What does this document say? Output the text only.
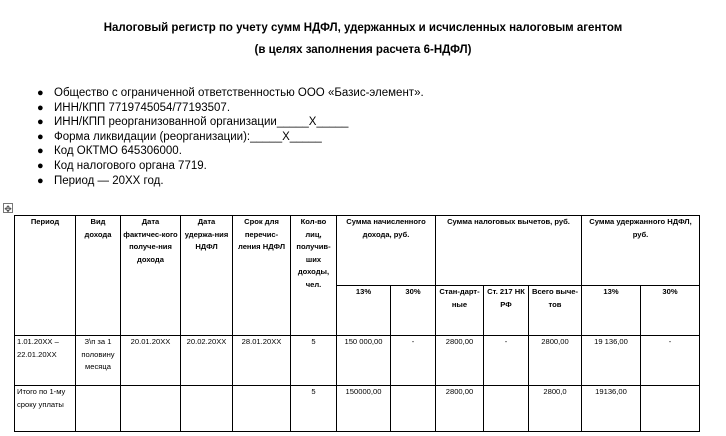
Налоговый регистр по учету сумм НДФЛ, удержанных и исчисленных налоговым агентом
(в целях заполнения расчета 6-НДФЛ)
● Общество с ограниченной ответственностью ООО «Базис-элемент».
● ИНН/КПП 7719745054/77193507.
● ИНН/КПП реорганизованной организации_____Х_____
● Форма ликвидации (реорганизации):_____Х_____
● Код ОКТМО 645306000.
● Код налогового органа 7719.
● Период — 20ХХ год.
✥
Период	Вид дохода	Дата фактичес-кого получе-ния дохода	Дата удержа-ния НДФЛ	Срок для перечис-ления НДФЛ	Кол-во лиц, получив-ших доходы, чел.	Сумма начисленного дохода, руб.		Сумма налоговых вычетов, руб.			Сумма удержанного НДФЛ, руб.	
						13%	30%	Стан-дарт-ные	Ст. 217 НК РФ	Всего выче-тов	13%	30%
1.01.20ХХ – 22.01.20ХХ	З\п за 1 половину месяца	20.01.20ХХ	20.02.20ХХ	28.01.20ХХ	5	150 000,00	-	2800,00	-	2800,00	19 136,00	-
Итого по 1-му сроку уплаты					5	150000,00		2800,00		2800,0	19136,00	
